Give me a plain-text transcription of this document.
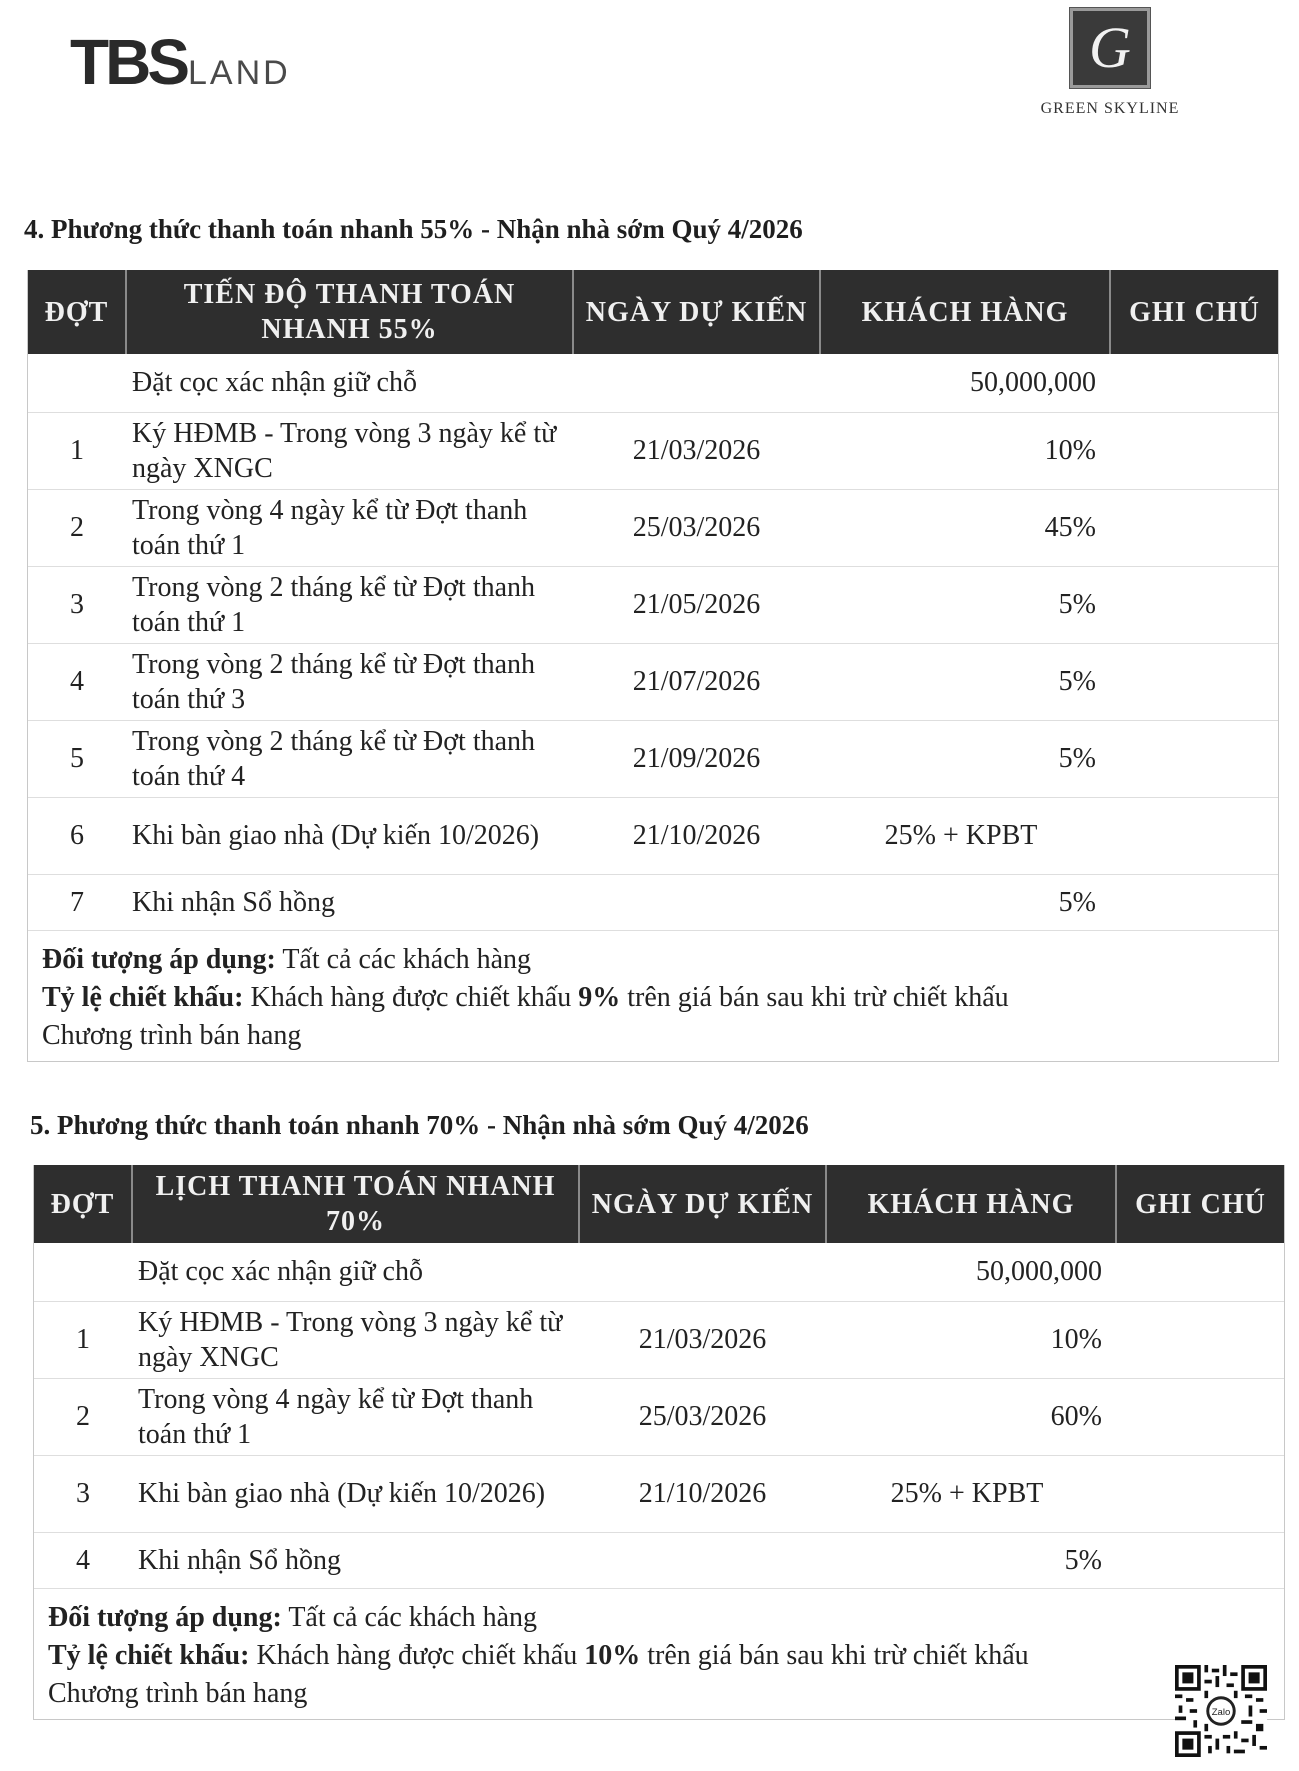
TBS LAND	G
GREEN SKYLINE
4. Phương thức thanh toán nhanh 55% - Nhận nhà sớm Quý 4/2026
ĐỢT	TIẾN ĐỘ THANH TOÁN NHANH 55%	NGÀY DỰ KIẾN	KHÁCH HÀNG	GHI CHÚ
	Đặt cọc xác nhận giữ chỗ		50,000,000	
1	Ký HĐMB - Trong vòng 3 ngày kể từ ngày XNGC	21/03/2026	10%	
2	Trong vòng 4 ngày kể từ Đợt thanh toán thứ 1	25/03/2026	45%	
3	Trong vòng 2 tháng kể từ Đợt thanh toán thứ 1	21/05/2026	5%	
4	Trong vòng 2 tháng kể từ Đợt thanh toán thứ 3	21/07/2026	5%	
5	Trong vòng 2 tháng kể từ Đợt thanh toán thứ 4	21/09/2026	5%	
6	Khi bàn giao nhà (Dự kiến 10/2026)	21/10/2026	25% + KPBT	
7	Khi nhận Sổ hồng		5%	
Đối tượng áp dụng: Tất cả các khách hàng
Tỷ lệ chiết khấu: Khách hàng được chiết khấu 9% trên giá bán sau khi trừ chiết khấu
Chương trình bán hang
5. Phương thức thanh toán nhanh 70% - Nhận nhà sớm Quý 4/2026
ĐỢT	LỊCH THANH TOÁN NHANH 70%	NGÀY DỰ KIẾN	KHÁCH HÀNG	GHI CHÚ
	Đặt cọc xác nhận giữ chỗ		50,000,000	
1	Ký HĐMB - Trong vòng 3 ngày kể từ ngày XNGC	21/03/2026	10%	
2	Trong vòng 4 ngày kể từ Đợt thanh toán thứ 1	25/03/2026	60%	
3	Khi bàn giao nhà (Dự kiến 10/2026)	21/10/2026	25% + KPBT	
4	Khi nhận Sổ hồng		5%	
Đối tượng áp dụng: Tất cả các khách hàng
Tỷ lệ chiết khấu: Khách hàng được chiết khấu 10% trên giá bán sau khi trừ chiết khấu
Chương trình bán hang
Zalo
